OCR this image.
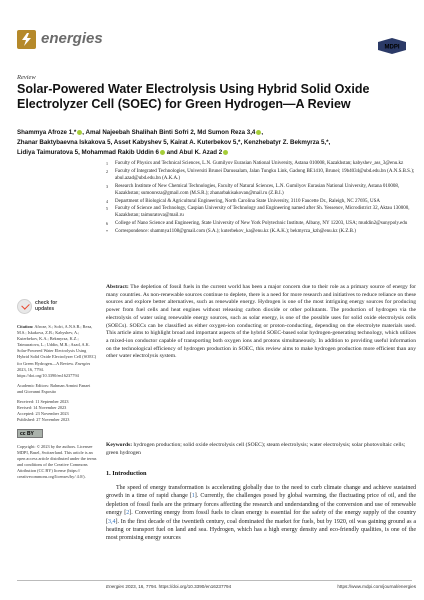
energies
MDPI
Review
Solar-Powered Water Electrolysis Using Hybrid Solid Oxide Electrolyzer Cell (SOEC) for Green Hydrogen—A Review
Shammya Afroze 1,* , Amal Najeebah Shalihah Binti Sofri 2, Md Sumon Reza 3,4 ,
Zhanar Baktybaevna Iskakova 5, Asset Kabyshev 5, Kairat A. Kuterbekov 5,*, Kenzhebatyr Z. Bekmyrza 5,*,
Lidiya Taimuratova 5, Mohammad Rakib Uddin 6 and Abul K. Azad 2
1	Faculty of Physics and Technical Sciences, L.N. Gumilyov Eurasian National University, Astana 010008, Kazakhstan; kabyshev_ass_3@enu.kz
2	Faculty of Integrated Technologies, Universiti Brunei Darussalam, Jalan Tungku Link, Gadong BE1410, Brunei; 19b4034@ubd.edu.bn (A.N.S.B.S.); abul.azad@ubd.edu.bn (A.K.A.)
3	Research Institute of New Chemical Technologies, Faculty of Natural Sciences, L.N. Gumilyov Eurasian National University, Astana 010008, Kazakhstan; sumonreza@gmail.com (M.S.R.); zhanarbakisakovan@mail.ru (Z.B.I.)
4	Department of Biological & Agricultural Engineering, North Carolina State University, 3110 Faucette Dr., Raleigh, NC 27695, USA
5	Faculty of Science and Technology, Caspian University of Technology and Engineering named after Sh. Yessenov, Microdistrict 32, Aktau 130000, Kazakhstan; taimuratova@mail.ru
6	College of Nano Science and Engineering, State University of New York Polytechnic Institute, Albany, NY 12203, USA; muddin2@sunypoly.edu
*	Correspondence: shammya1108@gmail.com (S.A.); kuterbekov_ka@enu.kz (K.A.K.); bekmyrza_kzh@enu.kz (K.Z.B.)
check for updates
Citation: Afroze, S.; Sofri, A.N.S.B.; Reza, M.S.; Iskakova, Z.B.; Kabyshev, A.; Kuterbekov, K.A.; Bekmyrza, K.Z.; Taimuratova, L.; Uddin, M.R.; Azad, A.K. Solar-Powered Water Electrolysis Using Hybrid Solid Oxide Electrolyzer Cell (SOEC) for Green Hydrogen—A Review. Energies 2023, 16, 7794. https://doi.org/10.3390/en16237794
Academic Editors: Rahman Armini Fanaei and Giovanni Esposito
Received: 11 September 2023
Revised: 14 November 2023
Accepted: 23 November 2023
Published: 27 November 2023
cc BY
Copyright: © 2023 by the authors. Licensee MDPI, Basel, Switzerland. This article is an open access article distributed under the terms and conditions of the Creative Commons Attribution (CC BY) license (https:// creativecommons.org/licenses/by/ 4.0/).
Abstract: The depletion of fossil fuels in the current world has been a major concern due to their role as a primary source of energy for many countries. As non-renewable sources continue to deplete, there is a need for more research and initiatives to reduce reliance on these sources and explore better alternatives, such as renewable energy. Hydrogen is one of the most intriguing energy sources for producing power from fuel cells and heat engines without releasing carbon dioxide or other pollutants. The production of hydrogen via the electrolysis of water using renewable energy sources, such as solar energy, is one of the possible uses for solid oxide electrolysis cells (SOECs). SOECs can be classified as either oxygen-ion conducting or proton-conducting, depending on the electrolyte materials used. This article aims to highlight broad and important aspects of the hybrid SOEC-based solar hydrogen-generating technology, which utilizes a mixed-ion conductor capable of transporting both oxygen ions and protons simultaneously. In addition to providing useful information on the technological efficiency of hydrogen production in SOEC, this review aims to make hydrogen production more efficient than any other water electrolysis system.
Keywords: hydrogen production; solid oxide electrolysis cell (SOEC); steam electrolysis; water electrolysis; solar photovoltaic cells; green hydrogen
1. Introduction
The speed of energy transformation is accelerating globally due to the need to curb climate change and achieve sustained growth in a time of rapid change [1]. Currently, the challenges posed by global warming, the fluctuating price of oil, and the depletion of fossil fuels are the primary forces affecting the research and understanding of the conversion and use of renewable energy [2]. Converting energy from fossil fuels to clean energy is essential for the safety of the energy supply of the country [3,4]. In the first decade of the twentieth century, coal dominated the market for fuels, but by 1920, oil was gaining ground as a heating or transport fuel on land and sea. Hydrogen, which has a high energy density and eco-friendly qualities, is one of the most promising energy sources
Energies 2023, 16, 7794. https://doi.org/10.3390/en16237794	https://www.mdpi.com/journal/energies
